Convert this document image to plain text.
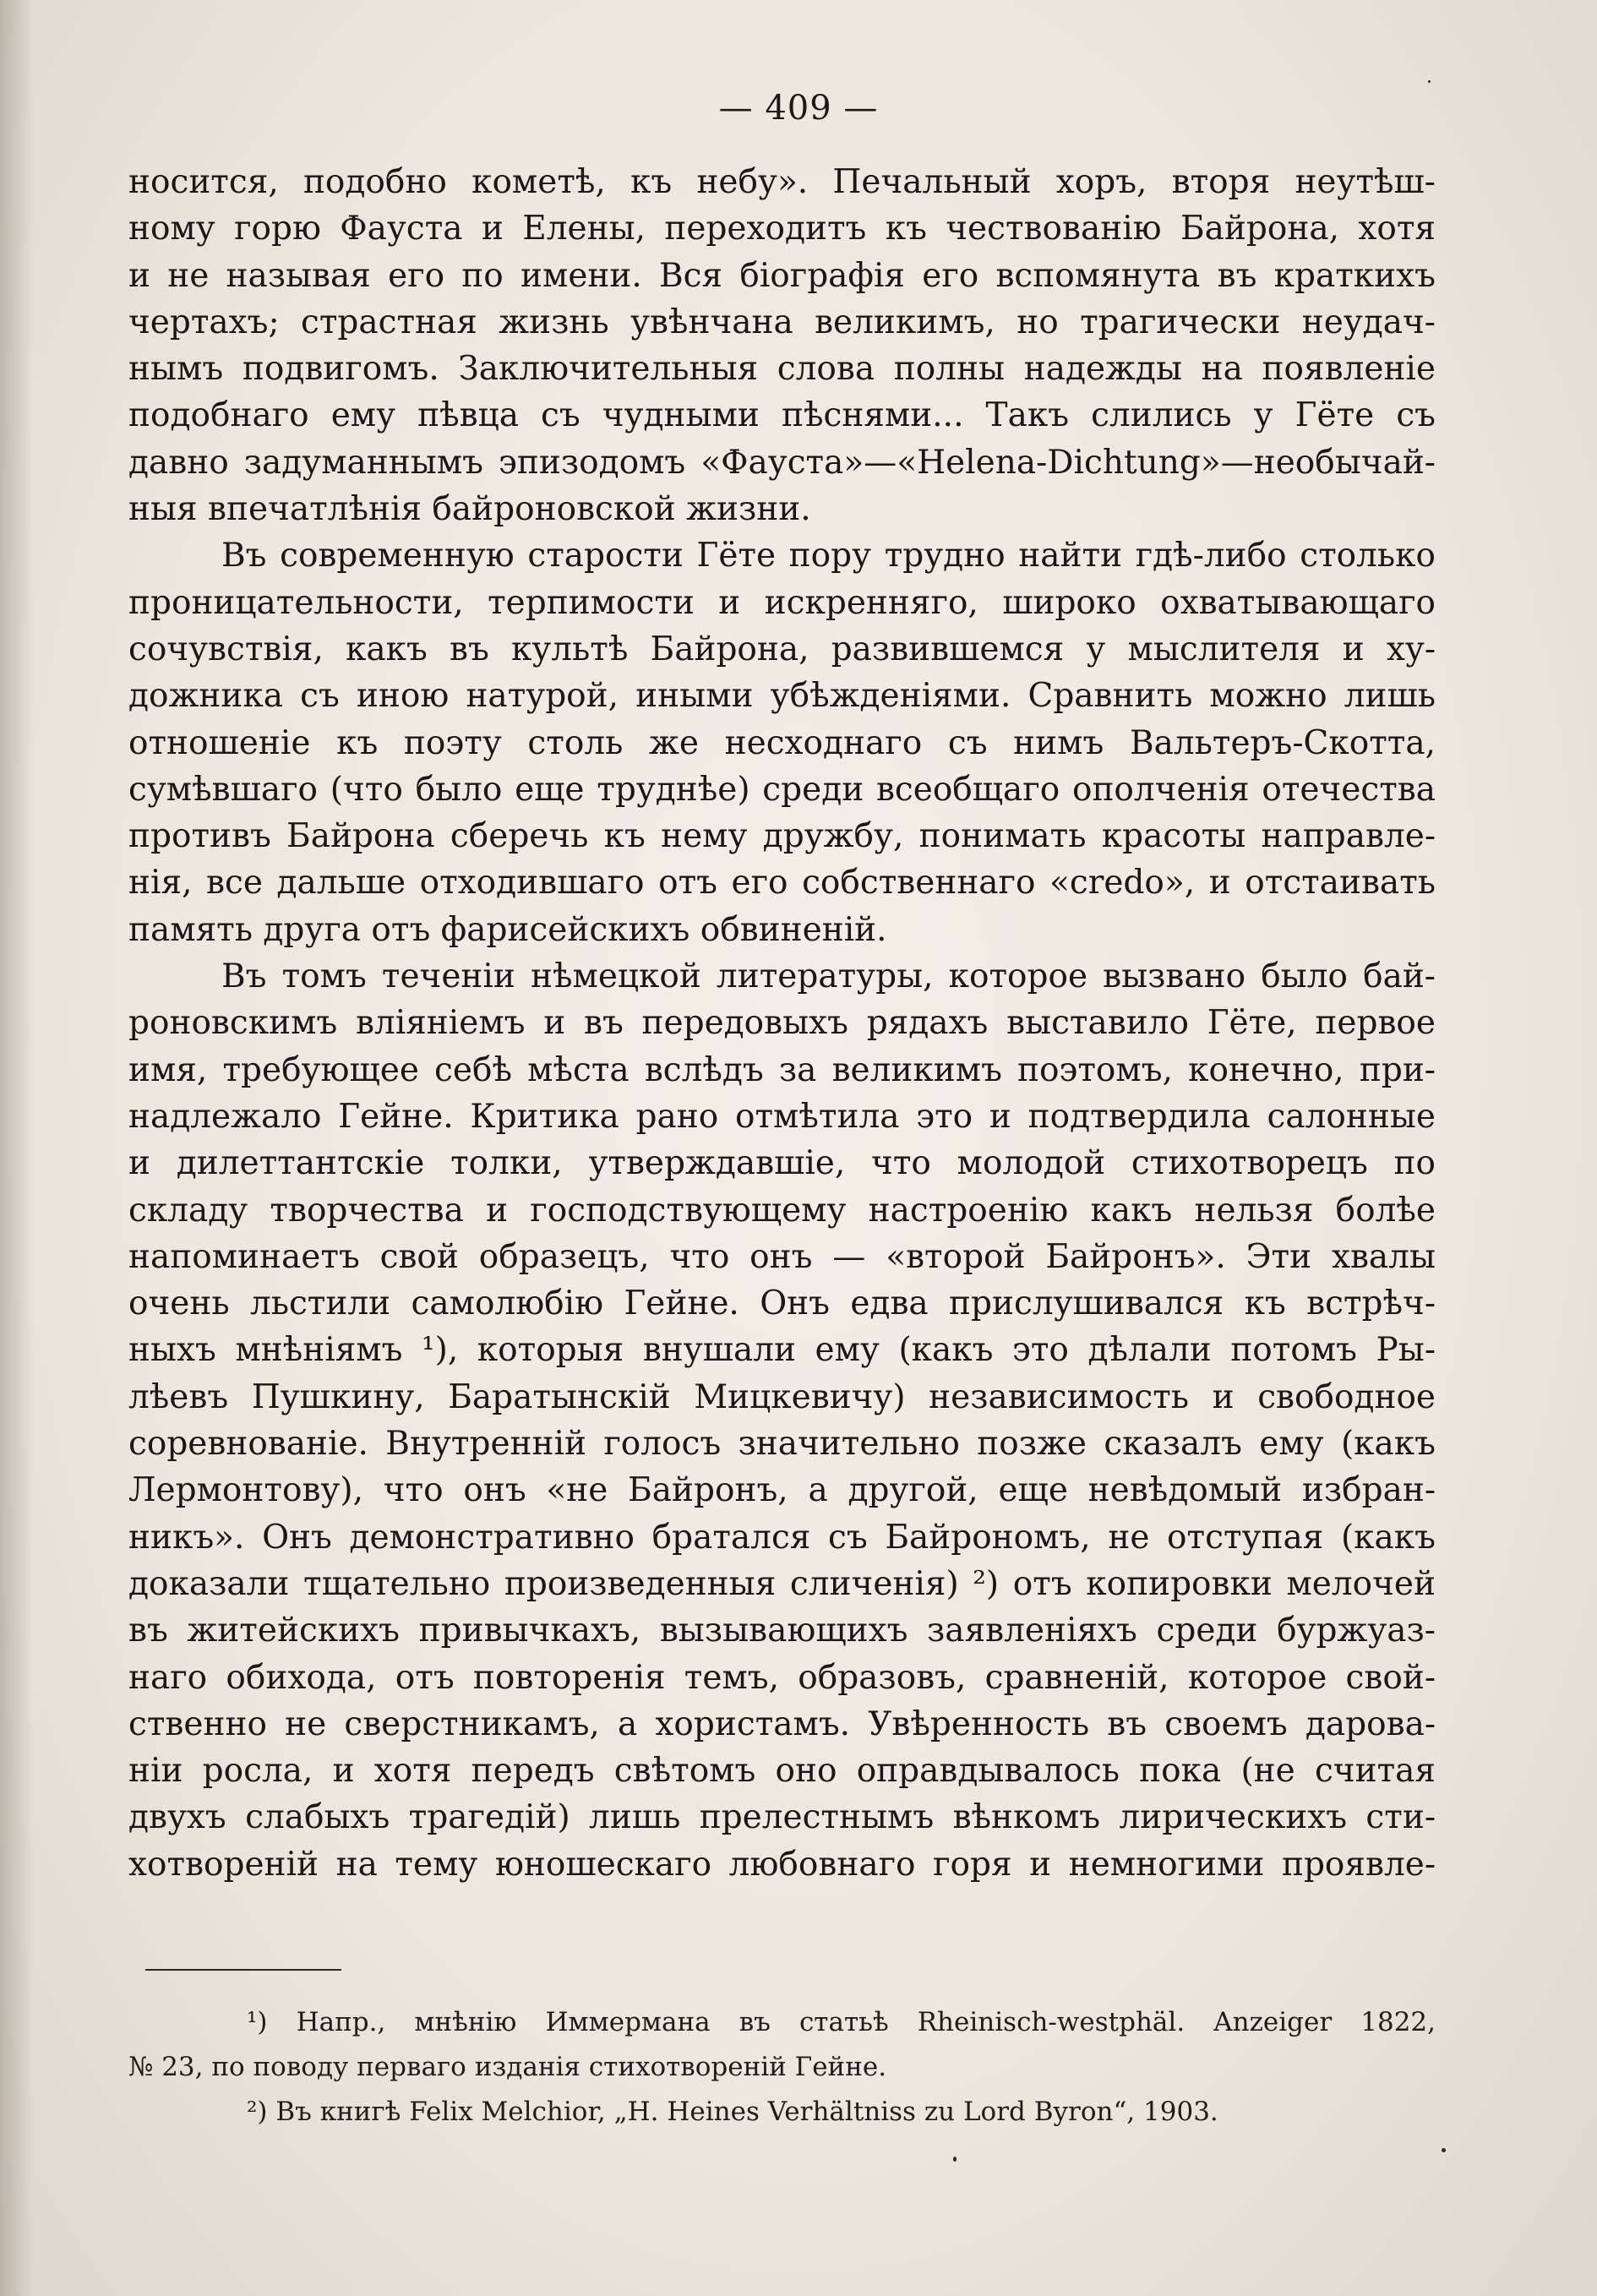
— 409 —

носится, подобно кометѣ, къ небу». Печальный хоръ, вторя неутѣш-
ному горю Фауста и Елены, переходитъ къ чествованію Байрона, хотя
и не называя его по имени. Вся біографія его вспомянута въ краткихъ
чертахъ; страстная жизнь увѣнчана великимъ, но трагически неудач-
нымъ подвигомъ. Заключительныя слова полны надежды на появленіе
подобнаго ему пѣвца съ чудными пѣснями... Такъ слились у Гёте съ
давно задуманнымъ эпизодомъ «Фауста»—«Helena-Dichtung»—необычай-
ныя впечатлѣнія байроновской жизни.

Въ современную старости Гёте пору трудно найти гдѣ-либо столько
проницательности, терпимости и искренняго, широко охватывающаго
сочувствія, какъ въ культѣ Байрона, развившемся у мыслителя и ху-
дожника съ иною натурой, иными убѣжденіями. Сравнить можно лишь
отношеніе къ поэту столь же несходнаго съ нимъ Вальтеръ-Скотта,
сумѣвшаго (что было еще труднѣе) среди всеобщаго ополченія отечества
противъ Байрона сберечь къ нему дружбу, понимать красоты направле-
нія, все дальше отходившаго отъ его собственнаго «credo», и отстаивать
память друга отъ фарисейскихъ обвиненій.

Въ томъ теченіи нѣмецкой литературы, которое вызвано было бай-
роновскимъ вліяніемъ и въ передовыхъ рядахъ выставило Гёте, первое
имя, требующее себѣ мѣста вслѣдъ за великимъ поэтомъ, конечно, при-
надлежало Гейне. Критика рано отмѣтила это и подтвердила салонные
и дилеттантскіе толки, утверждавшіе, что молодой стихотворецъ по
складу творчества и господствующему настроенію какъ нельзя болѣе
напоминаетъ свой образецъ, что онъ — «второй Байронъ». Эти хвалы
очень льстили самолюбію Гейне. Онъ едва прислушивался къ встрѣч-
ныхъ мнѣніямъ ¹), которыя внушали ему (какъ это дѣлали потомъ Ры-
лѣевъ Пушкину, Баратынскій Мицкевичу) независимость и свободное
соревнованіе. Внутренній голосъ значительно позже сказалъ ему (какъ
Лермонтову), что онъ «не Байронъ, а другой, еще невѣдомый избран-
никъ». Онъ демонстративно братался съ Байрономъ, не отступая (какъ
доказали тщательно произведенныя сличенія) ²) отъ копировки мелочей
въ житейскихъ привычкахъ, вызывающихъ заявленіяхъ среди буржуаз-
наго обихода, отъ повторенія темъ, образовъ, сравненій, которое свой-
ственно не сверстникамъ, а хористамъ. Увѣренность въ своемъ дарова-
ніи росла, и хотя передъ свѣтомъ оно оправдывалось пока (не считая
двухъ слабыхъ трагедій) лишь прелестнымъ вѣнкомъ лирическихъ сти-
хотвореній на тему юношескаго любовнаго горя и немногими проявле-

¹) Напр., мнѣнію Иммермана въ статьѣ Rheinisch-westphäl. Anzeiger 1822,
№ 23, по поводу перваго изданія стихотвореній Гейне.
²) Въ книгѣ Felix Melchior, „H. Heines Verhältniss zu Lord Byron“, 1903.
